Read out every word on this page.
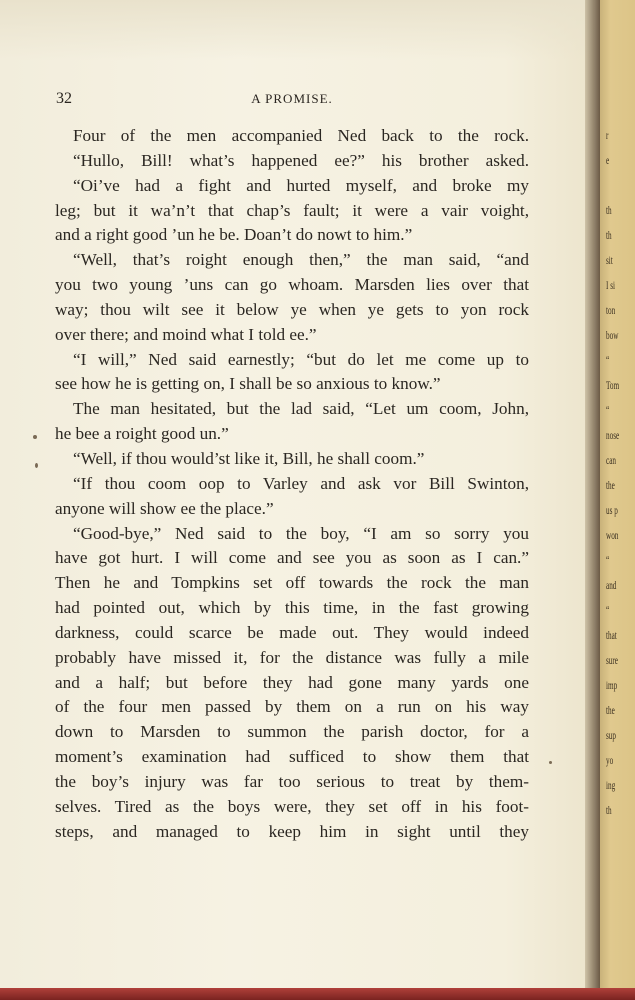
32	A PROMISE.
Four of the men accompanied Ned back to the rock.
“Hullo, Bill! what’s happened ee?” his brother asked.
“Oi’ve had a fight and hurted myself, and broke my
leg; but it wa’n’t that chap’s fault; it were a vair voight,
and a right good ’un he be. Doan’t do nowt to him.”
“Well, that’s roight enough then,” the man said, “and
you two young ’uns can go whoam. Marsden lies over that
way; thou wilt see it below ye when ye gets to yon rock
over there; and moind what I told ee.”
“I will,” Ned said earnestly; “but do let me come up to
see how he is getting on, I shall be so anxious to know.”
The man hesitated, but the lad said, “Let um coom, John,
he bee a roight good un.”
“Well, if thou would’st like it, Bill, he shall coom.”
“If thou coom oop to Varley and ask vor Bill Swinton,
anyone will show ee the place.”
“Good-bye,” Ned said to the boy, “I am so sorry you
have got hurt. I will come and see you as soon as I can.”
Then he and Tompkins set off towards the rock the man
had pointed out, which by this time, in the fast growing
darkness, could scarce be made out. They would indeed
probably have missed it, for the distance was fully a mile
and a half; but before they had gone many yards one
of the four men passed by them on a run on his way
down to Marsden to summon the parish doctor, for a
moment’s examination had sufficed to show them that
the boy’s injury was far too serious to treat by them-
selves. Tired as the boys were, they set off in his foot-
steps, and managed to keep him in sight until they
r
e
th
th
sit
I si
ton
bow
“
Tom
“
nose
can
the
us p
won
“
and
“
that
sure
imp
the
sup
yo
ing
th
